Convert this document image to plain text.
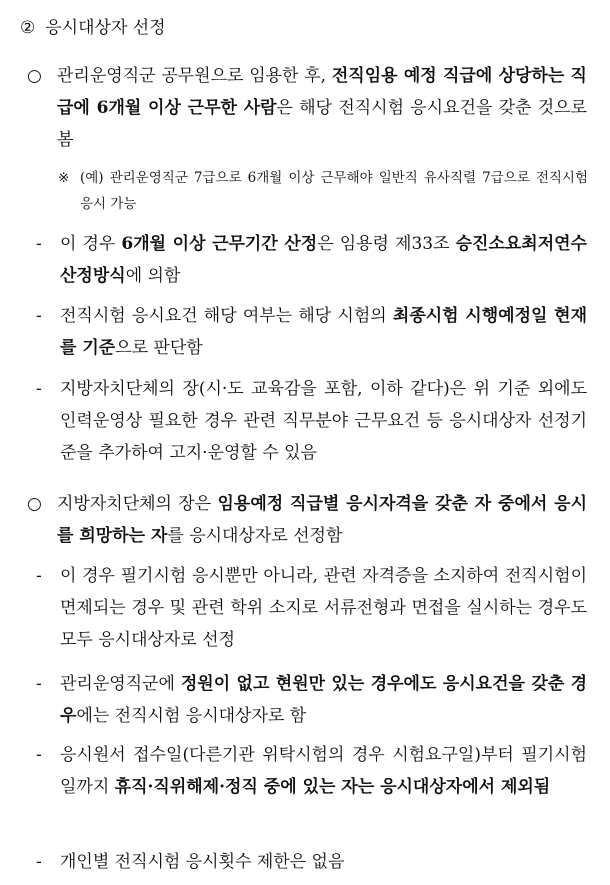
② 응시대상자 선정
○ 관리운영직군 공무원으로 임용한 후, 전직임용 예정 직급에 상당하는 직급에 6개월 이상 근무한 사람은 해당 전직시험 응시요건을 갖춘 것으로 봄
※ (예) 관리운영직군 7급으로 6개월 이상 근무해야 일반직 유사직렬 7급으로 전직시험 응시 가능
- 이 경우 6개월 이상 근무기간 산정은 임용령 제33조 승진소요최저연수 산정방식에 의함
- 전직시험 응시요건 해당 여부는 해당 시험의 최종시험 시행예정일 현재를 기준으로 판단함
- 지방자치단체의 장(시·도 교육감을 포함, 이하 같다)은 위 기준 외에도 인력운영상 필요한 경우 관련 직무분야 근무요건 등 응시대상자 선정기준을 추가하여 고지·운영할 수 있음
○ 지방자치단체의 장은 임용예정 직급별 응시자격을 갖춘 자 중에서 응시를 희망하는 자를 응시대상자로 선정함
- 이 경우 필기시험 응시뿐만 아니라, 관련 자격증을 소지하여 전직시험이 면제되는 경우 및 관련 학위 소지로 서류전형과 면접을 실시하는 경우도 모두 응시대상자로 선정
- 관리운영직군에 정원이 없고 현원만 있는 경우에도 응시요건을 갖춘 경우에는 전직시험 응시대상자로 함
- 응시원서 접수일(다른기관 위탁시험의 경우 시험요구일)부터 필기시험일까지 휴직·직위해제·정직 중에 있는 자는 응시대상자에서 제외됨
- 개인별 전직시험 응시횟수 제한은 없음
